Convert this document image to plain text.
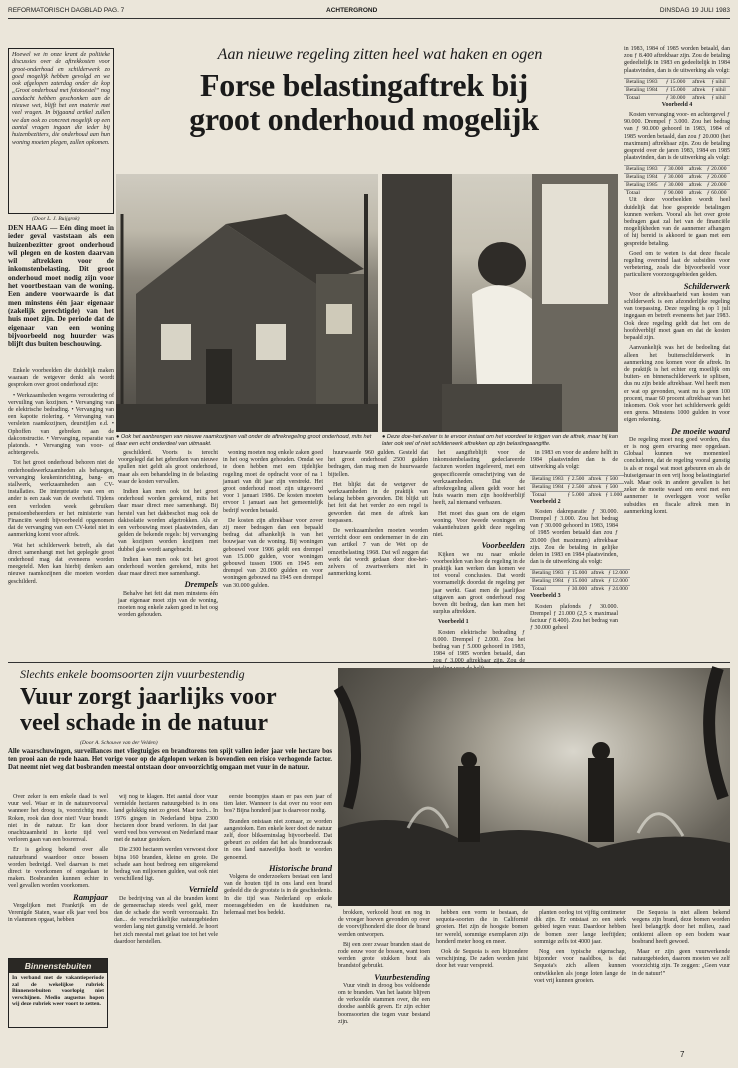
REFORMATORISCH DAGBLAD PAG. 7	ACHTERGROND	DINSDAG 19 JULI 1983

Hoewel we in onze krant de politieke discussies over de aftrekkosten voor groot-onderhoud en schilderwerk zo goed mogelijk hebben gevolgd en we ook afgelopen zaterdag onder de kop „Groot onderhoud met fototoestel” nog aandacht hebben geschonken aan de nieuwe wet, blijft het een materie met veel vragen. In bijgaand artikel zullen we dan ook zo concreet mogelijk op een aantal vragen ingaan die ieder bij huizenbezitters, die onderhoud aan hun woning moeten plegen, zullen opkomen.

Aan nieuwe regeling zitten heel wat haken en ogen
Forse belastingaftrek bij
groot onderhoud mogelijk
(Door L. J. Buijgrok)

DEN HAAG — Eén ding moet in ieder geval vaststaan als een huizenbezitter groot onderhoud wil plegen en de kosten daarvan wil aftrekken voor de inkomstenbelasting. Dit groot onderhoud moet nodig zijn voor het voortbestaan van de woning. Een andere voorwaarde is dat men minstens één jaar eigenaar (zakelijk gerechtigde) van het huis moet zijn. De periode dat de eigenaar van een woning bijvoorbeeld nog huurder was blijft dus buiten beschouwing.

Enkele voorbeelden die duidelijk maken waaraan de wetgever denkt als wordt gesproken over groot onderhoud zijn:

• Werkzaamheden wegens veroudering of vervuiling van kozijnen. • Vervanging van de elektrische bedrading. • Vervanging van een kapotte riolering. • Vervanging van versleten raamkozijnen, deurstijlen e.d. • Ophoffen van gebreken aan de dakconstructie. • Vervanging, reparatie van platonds. • Vervanging van voor- of achtergevels.

Tot het groot onderhoud behoren niet de onderhoudswerkzaamheden als behangen, vervanging keukeninrichting, bang- en stallwerk, werkzaamheden aan CV-installaties. De interpretatie van een en ander is een zaak van de overheid. Tijdens een verloden week gebruiken pensioenbeheerders er het ministerie van Financiën wordt bijvoorbeeld opgenomen dat de vervanging van een CV-ketel niet in aanmerking komt voor aftrek.

Wat het schilderwerk betreft, als dat direct samenhangt met het geplegde groot onderhoud mag dat eveneens worden meegeteld. Men kan hierbij denken aan nieuwe raamkozijnen die moeten worden geschilderd.

● Ook het aanbrengen van nieuwe raamkozijnen valt onder de aftrekregeling groot onderhoud, mits het daar een echt onderdeel van uitmaakt.
● Deze doe-het-zelver is te ervoor instaat om het voordeel te krijgen van de aftrek, maar hij kan later ook wel of niet schilderwerk aftrekken op zijn belastingaangifte.

geschilderd. Voorts is terecht voorgelegd dat het gebruiken van nieuwe spullen niet geldt als groot onderhoud, maar als een behandeling in de belasting waar de kosten vervallen.

Indien kan men ook tot het groot onderhoud worden gerekend, mits het daar maar direct mee samenhangt. Bij herstel van het dakbeschot mag ook de dakisolatie worden afgetrokken. Als er een verbouwing moet plaatsvinden, dan gelden de bekende regels: bij vervanging van kozijnen worden kozijnen met dubbel glas wordt aangebracht.

Indien kan men ook tot het groot onderhoud worden gerekend, mits het daar maar direct mee samenhangt.

Drempels

Behalve het feit dat men minstens één jaar eigenaar moet zijn van de woning, moeten nog enkele zaken goed in het oog worden gehouden.

woning moeten nog enkele zaken goed in het oog worden gehouden. Omdat we te doen hebben met een tijdelijke regeling moet de opdracht voor of na 1 januari van dit jaar zijn verstrekt. Het groot onderhoud moet zijn uitgevoerd voor 1 januari 1986. De kosten moeten ervoor 1 januari aan het gemeentelijk bedrijf worden betaald.

De kosten zijn aftrekbaar voor zover zij meer bedragen dan een bepaald bedrag dat afhankelijk is van het bouwjaar van de woning. Bij woningen gebouwd voor 1906 geldt een drempel van 15.000 gulden, voor woningen gebouwd tussen 1906 en 1945 een drempel van 20.000 gulden en voor woningen gebouwd na 1945 een drempel van 30.000 gulden.

huurwaarde 960 gulden. Gesteld dat het groot onderhoud 2500 gulden bedragen, dan mag men de huurwaarde bijtellen.

Het blijkt dat de wetgever de werkzaamheden in de praktijk van belang hebben gevonden. Dit blijkt uit het feit dat het verder zo een regel is geworden dat men de aftrek kan toepassen.

De werkzaamheden moeten worden verricht door een ondernemer in de zin van artikel 7 van de Wet op de omzetbelasting 1968. Dat wil zeggen dat werk dat wordt gedaan door doe-het-zelvers of zwartwerkers niet in aanmerking komt.

het aangifteblijft voor de inkomstenbelasting gedeclareerde facturen worden ingeleverd, met een gespecificeerde omschrijving van de werkzaamheden. Dat de aftrekregeling alleen geldt voor het huis waarin men zijn hoofdverblijf heeft, zal niemand verbazen.

Het moet dus gaan om de eigen woning. Voor tweede woningen en vakantiehuizen geldt deze regeling niet.

Voorbeelden

Kijken we nu naar enkele voorbeelden van hoe de regeling in de praktijk kan werken dan komen we tot vooral conclusies. Dat wordt voornamelijk doordat de regeling per jaar werkt. Gaat men de jaarlijkse uitgaven aan groot onderhoud nog boven dit bedrag, dan kan men het surplus aftrekken.

Voorbeeld 1

Kosten elektrische bedrading ƒ 8.000. Drempel ƒ 2.000. Zou het bedrag van ƒ 5.000 gehoord in 1983, 1984 of 1985 worden betaald, dan

in 1983 en voor de andere helft in 1984 plaatsvinden dan is de uitwerking als volgt:

Betaling 1983	ƒ 2.500	aftrek	ƒ 500
Betaling 1984	ƒ 2.500	aftrek	ƒ 500
Totaal	ƒ 5.000	aftrek	ƒ 1.000

Voorbeeld 2

Kosten dakreparatie ƒ 30.000. Drempel ƒ 3.000. Zou het bedrag van ƒ 30.000 gehoord in 1983, 1984 of 1985 worden betaald dan zou ƒ 20.000 (het maximum) aftrekbaar zijn. Zou de betaling in gelijke delen in 1983 en 1984 plaatsvinden, dan is de uitwerking als volgt:

Betaling 1983	ƒ 15.000	aftrek	ƒ 12.000
Betaling 1984	ƒ 15.000	aftrek	ƒ 12.000
Totaal	ƒ 30.000	aftrek	ƒ 24.000

Voorbeeld 3

Kosten plafonds ƒ 30.000. Drempel ƒ 21.000 (2,5 x maximaal factuur ƒ 8.400). Zou het bedrag van ƒ 30.000 geheel

in 1983, 1984 of 1985 worden betaald, dan zou ƒ 8.400 aftrekbaar zijn. Zou de betaling gedeeltelijk in 1983 en gedeeltelijk in 1984 plaatsvinden, dan is de uitwerking als volgt:

Betaling 1983	ƒ 15.000	aftrek	ƒ nihil
Betaling 1984	ƒ 15.000	aftrek	ƒ nihil
Totaal	ƒ 30.000	aftrek	ƒ nihil

Voorbeeld 4

Kosten vervanging voor- en achtergevel ƒ 90.000. Drempel ƒ 3.000. Zou het bedrag van ƒ 90.000 gehoord in 1983, 1984 of 1985 worden betaald, dan zou ƒ 20.000 (het maximum) aftrekbaar zijn. Zou de betaling gespreid over de jaren 1983, 1984 en 1985 plaatsvinden, dan is de uitwerking als volgt:

Betaling 1983	ƒ 30.000	aftrek	ƒ 20.000
Betaling 1984	ƒ 30.000	aftrek	ƒ 20.000
Betaling 1985	ƒ 30.000	aftrek	ƒ 20.000
Totaal	ƒ 90.000	aftrek	ƒ 60.000

Uit deze voorbeelden wordt heel duidelijk dat hoe gespreide betalingen kunnen werken. Vooral als het over grote bedragen gaat zal het van de financiële mogelijkheden van de aannemer afhangen of hij bereid is akkoord te gaan met een gespreide betaling.

Goed om te weten is dat deze fiscale regeling overeind laat de subsidies voor verbetering, zoals die bijvoorbeeld voor particuliere voorzorgsgebieden gelden.

Schilderwerk

Voor de aftrekbaarheid van kosten van schilderwerk is een afzonderlijke regeling van toepassing. Deze regeling is op 1 juli ingegaan en betreft eveneens het jaar 1983. Ook deze regeling geldt dat het om de hoofdverblijf moet gaan en dat de kosten bepaald zijn.

Aanvankelijk was het de bedoeling dat alleen het buitenschilderwerk in aanmerking zou komen voor de aftrek. In de praktijk is het echter erg moeilijk om buiten- en binnenschilderwerk te splitsen, dus nu zijn beide aftrekbaar. Wel heeft men er wat op gevonden, want nu is geen 100 procent, maar 60 procent aftrekbaar van het inkomen. Ook voor het schilderwerk geldt een grens. Minstens 1000 gulden in voor eigen rekening.

De moeite waard

De regeling moet nog goed worden, dus er is nog geen ervaring mee opgedaan. Globaal kunnen we momenteel concluderen, dat de regeling vooral gunstig is als er nogal wat moet gebeuren en als de huiseigenaar in een vrij hoog belastingtarief valt. Maar ook in andere gevallen is het zeker de moeite waard om eerst met een aannemer te overleggen voor welke subsidies en fiscale aftrek men in aanmerking komt.

Slechts enkele boomsoorten zijn vuurbestendig
Vuur zorgt jaarlijks voor
veel schade in de natuur
(Door A. Schouwe van der Velden)

Alle waarschuwingen, surveillances met vliegtuigjes en brandtorens ten spijt vallen ieder jaar vele hectare bos ten prooi aan de rode haan. Het vorige voor op de afgelopen weken is bovendien een risico verhogende factor. Dat neemt niet weg dat bosbranden meestal ontstaan door onvoorzichtig omgaan met vuur in de natuur.

Binnenstebuiten
In verband met de vakantieperiode zal de wekelijkse rubriek Binnenstebuiten voorlopig niet verschijnen. Medio augustus hopen wij deze rubriek weer voort te zetten.

Over zeker is een enkele daad is wel vuur wel. Waar er in de natuurvoorval wanneer het droog is, voorzichtig mee. Roken, rook dan door niet! Vuur brandt niet in de natuur. Er kan door onachtzaamheid in korte tijd veel verloren gaan van een bosrenval.

Er is geloog bekend over alle natuurbrand waardoor onze bossen worden bedreigd. Veel daarvan is met direct te voorkomen of ongedaan te maken. Bosbranden kunnen echter in veel gevallen worden voorkomen.

Rampjaar

Vergelijken met Frankrijk en de Verenigde Staten, waar elk jaar veel bos in vlammen opgaat, hebben

wij nog te klagen. Het aantal door vuur vernielde hectaren natuurgebied is in ons land gelukkig niet zo groot. Maar toch... In 1976 gingen in Nederland bijna 2300 hectaren door brand verloren. In dat jaar werd veel bos verwoest en Nederland maar met de natuur gestoken.

Die 2300 hectaren werden verwoest door bijna 160 branden, kleine en grote. De schade aan hout bedroeg een uitgerekend bedrag van miljoenen gulden, wat ook niet verschillend ligt.

Vernield

De bedrijving van al die branden komt de gemeenschap steeds veel geld, meer dan de schade die wordt veroorzaakt. En dan... de verschrikkelijke natuurgebieden worden lang niet gunstig vernield. Je hoort het zich meestal met gelaat toe tot het vele daardoor herstellen.

eerste boompjes staan er pas een jaar of tien later. Wanneer is dat over nu voor een bos? Bijna honderd jaar is daarvoor nodig.

Branden ontstaan niet zomaar, ze worden aangestoken. Een enkele keer doet de natuur zelf, door blikseminslag bijvoorbeeld. Dat gebeurt zo zelden dat het als brandoorzaak in ons land nauwelijks hoeft te worden genoemd.

Historische brand

Volgens de onderzoekers bestaat een land van de houten tijd in ons land een brand gedeeld die de grootste is in de geschiedenis. In die tijd was Nederland op enkele moerasgebieden en de kustduinen na, helemaal met bos bedekt.	brokken, verkoold hout en nog in de vroeger hoeven gevonden op over de voorvijfhonderd die door de brand werden ontworpen.

Bij een zeer zwaar branden staat de rode eeuw voor de bossen, want toen werden grote stukken hout als brandstof gebruikt.

Vuurbestending

Vuur vindt in droog bos voldoende om te branden. Van het laatste blijven de verkoolde stammen over, die een doodse aanblik geven. Er zijn echter boomsoorten die tegen vuur bestand zijn.

hebben een vorm te bestaan, de sequoia-soorten die in Californië groeien. Het zijn de hoogste bomen ter wereld, sommige exemplaren zijn honderd meter hoog en meer.

Ook de Sequoia is een bijzondere verschijning. De zaden worden juist door het vuur verspreid.

planten oorlog tot vijftig centimeter dik zijn. Er ontstaat zo een sterk gebied tegen vuur. Daardoor hebben de bomen zeer lange leeftijden; sommige zelfs tot 4000 jaar.

Nog een typische eigenschap, bijzonder voor naaldbos, is dat Sequoia's zich alleen kunnen ontwikkelen als jonge loten lange de voet vrij kunnen groeien.

De Sequoia is niet alleen bekend wegens zijn brand, deze bomen worden heel belangrijk door het milieu, zaad ontkiemt alleen op een bodem waar bosbrand heeft gewoed.

Maar er zijn geen vuurwerkende natuurgebieden, daarom moeten we zelf voorzichtig zijn. Te zeggen: „Geen vuur in de natuur!”

7
